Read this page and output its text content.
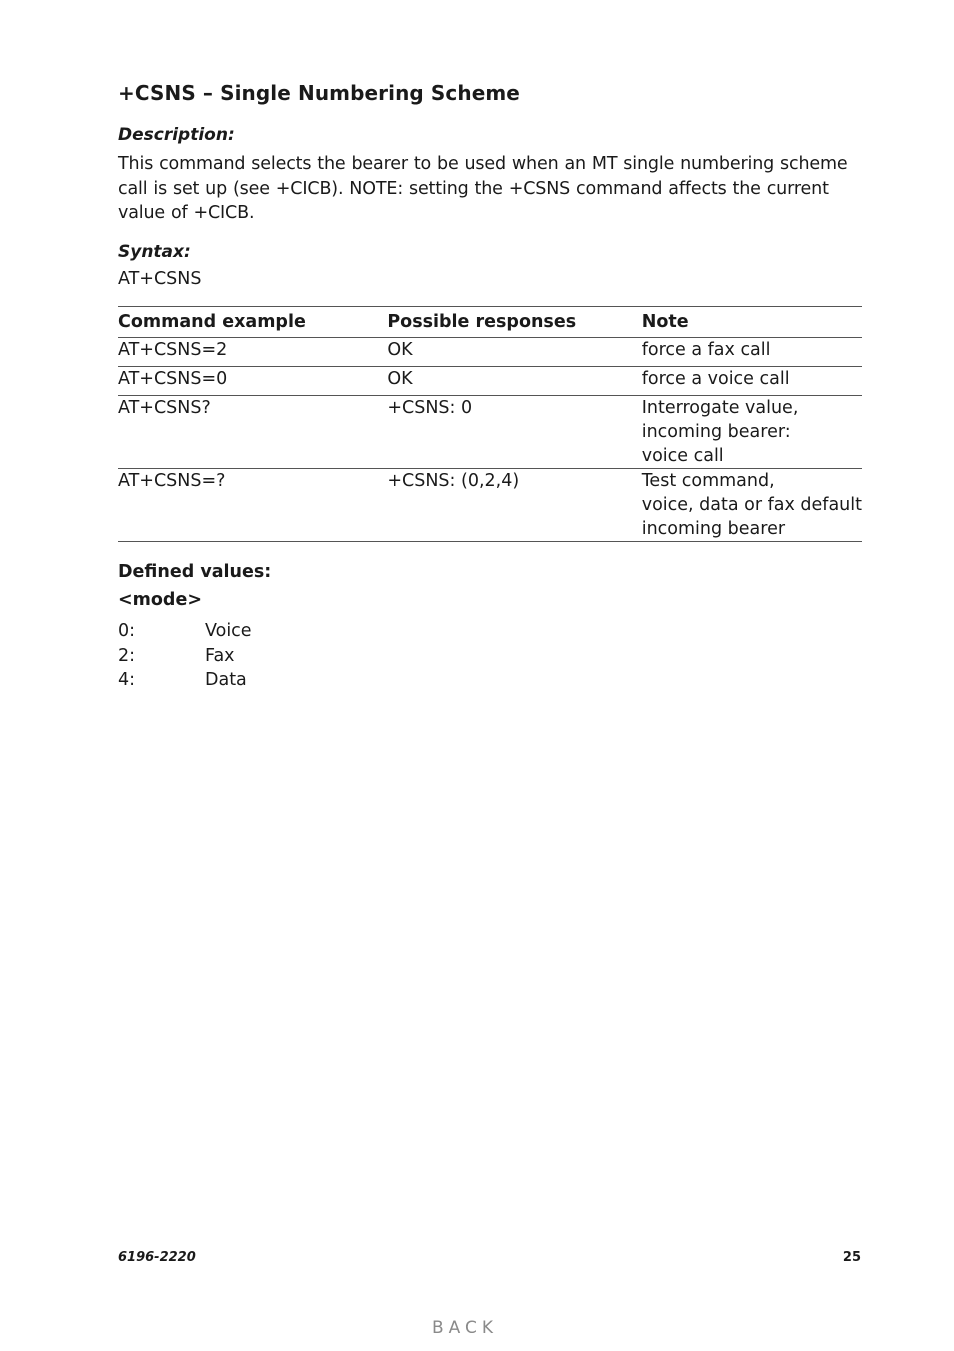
+CSNS – Single Numbering Scheme

Description:

This command selects the bearer to be used when an MT single numbering scheme call is set up (see +CICB). NOTE: setting the +CSNS command affects the current value of +CICB.

Syntax:

AT+CSNS

Command example	Possible responses	Note
AT+CSNS=2	OK	force a fax call

AT+CSNS=0	OK	force a voice call

AT+CSNS?	+CSNS: 0	Interrogate value,
incoming bearer:
voice call

AT+CSNS=?	+CSNS: (0,2,4)	Test command,
voice, data or fax default
incoming bearer

Defined values:

<mode>

0:	Voice
2:	Fax
4:	Data
6196-2220	25
BACK
